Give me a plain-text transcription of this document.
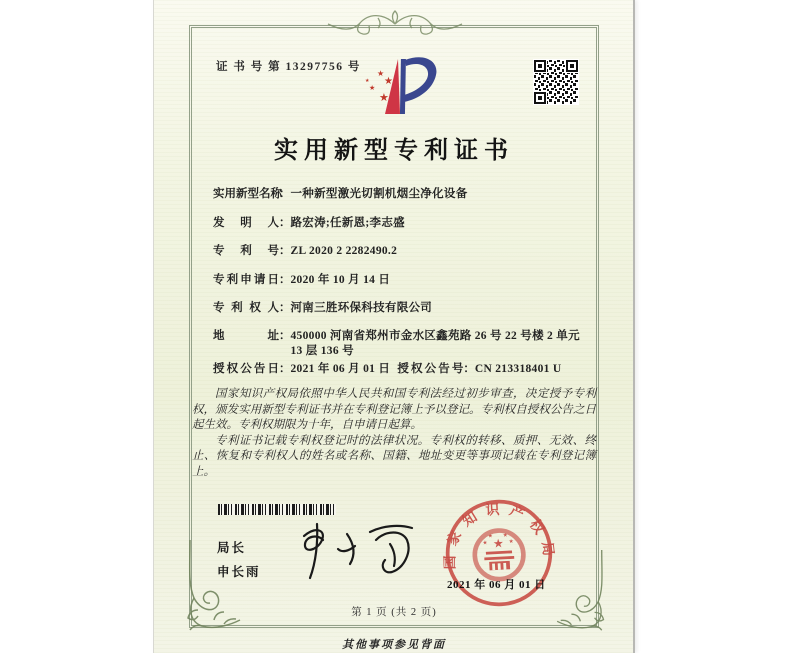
证 书 号 第 13297756 号
★
★
★
★
★
实用新型专利证书
实用新型名称：一种新型激光切割机烟尘净化设备
发明人：路宏涛;任新恩;李志盛
专利号：ZL 2020 2 2282490.2
专利申请日：2020 年 10 月 14 日
专利权人：河南三胜环保科技有限公司
地址：450000 河南省郑州市金水区鑫苑路 26 号 22 号楼 2 单元 13 层 136 号
授权公告日：2021 年 06 月 01 日 授权公告号：CN 213318401 U

国家知识产权局依照中华人民共和国专利法经过初步审查，决定授予专利权，颁发实用新型专利证书并在专利登记簿上予以登记。专利权自授权公告之日起生效。专利权期限为十年，自申请日起算。

专利证书记载专利权登记时的法律状况。专利权的转移、质押、无效、终止、恢复和专利权人的姓名或名称、国籍、地址变更等事项记载在专利登记簿上。

局长
申长雨
国家知识产权局
★
★
★ ★
★
2021 年 06 月 01 日
第 1 页 (共 2 页)
其他事项参见背面
